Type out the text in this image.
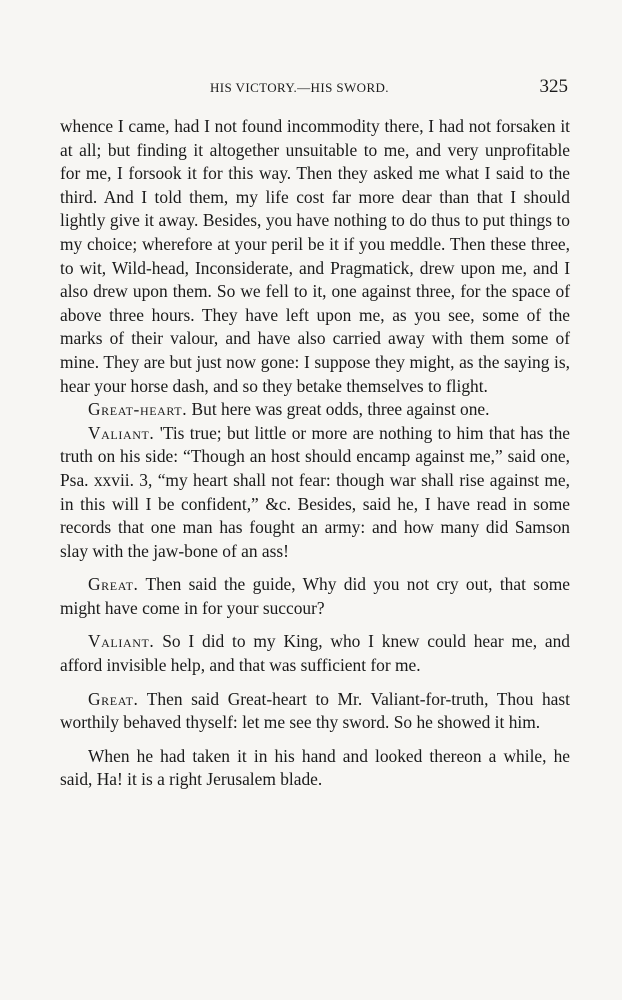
HIS VICTORY.—HIS SWORD.	325

whence I came, had I not found incommodity there, I had not forsaken it at all; but finding it altogether unsuitable to me, and very unprofitable for me, I forsook it for this way. Then they asked me what I said to the third. And I told them, my life cost far more dear than that I should lightly give it away. Besides, you have nothing to do thus to put things to my choice; wherefore at your peril be it if you meddle. Then these three, to wit, Wild-head, Inconsiderate, and Pragmatick, drew upon me, and I also drew upon them. So we fell to it, one against three, for the space of above three hours. They have left upon me, as you see, some of the marks of their valour, and have also carried away with them some of mine. They are but just now gone: I suppose they might, as the saying is, hear your horse dash, and so they betake themselves to flight.

Great-heart. But here was great odds, three against one.

Valiant. 'Tis true; but little or more are nothing to him that has the truth on his side: “Though an host should encamp against me,” said one, Psa. xxvii. 3, “my heart shall not fear: though war shall rise against me, in this will I be confident,” &c. Besides, said he, I have read in some records that one man has fought an army: and how many did Samson slay with the jaw-bone of an ass!

Great. Then said the guide, Why did you not cry out, that some might have come in for your succour?

Valiant. So I did to my King, who I knew could hear me, and afford invisible help, and that was sufficient for me.

Great. Then said Great-heart to Mr. Valiant-for-truth, Thou hast worthily behaved thyself: let me see thy sword. So he showed it him.

When he had taken it in his hand and looked thereon a while, he said, Ha! it is a right Jerusalem blade.
